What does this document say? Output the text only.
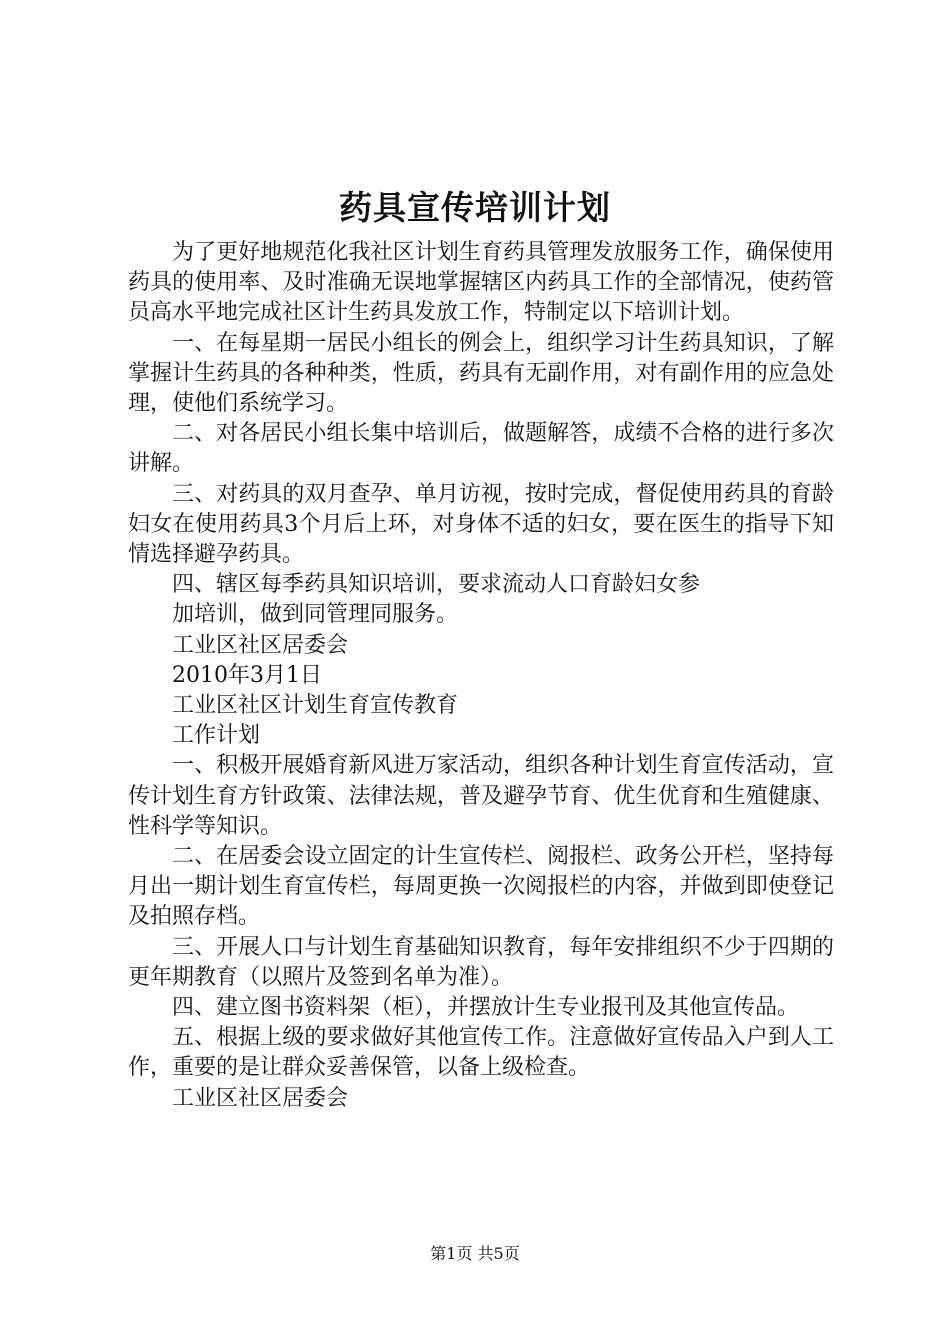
药具宣传培训计划

为了更好地规范化我社区计划生育药具管理发放服务工作，确保使用药具的使用率、及时准确无误地掌握辖区内药具工作的全部情况，使药管员高水平地完成社区计生药具发放工作，特制定以下培训计划。

一、在每星期一居民小组长的例会上，组织学习计生药具知识，了解掌握计生药具的各种种类，性质，药具有无副作用，对有副作用的应急处理，使他们系统学习。

二、对各居民小组长集中培训后，做题解答，成绩不合格的进行多次讲解。

三、对药具的双月查孕、单月访视，按时完成，督促使用药具的育龄妇女在使用药具3个月后上环，对身体不适的妇女，要在医生的指导下知情选择避孕药具。

四、辖区每季药具知识培训，要求流动人口育龄妇女参

加培训，做到同管理同服务。

工业区社区居委会

2010年3月1日

工业区社区计划生育宣传教育

工作计划

一、积极开展婚育新风进万家活动，组织各种计划生育宣传活动，宣传计划生育方针政策、法律法规，普及避孕节育、优生优育和生殖健康、性科学等知识。

二、在居委会设立固定的计生宣传栏、阅报栏、政务公开栏，坚持每月出一期计划生育宣传栏，每周更换一次阅报栏的内容，并做到即使登记及拍照存档。

三、开展人口与计划生育基础知识教育，每年安排组织不少于四期的更年期教育（以照片及签到名单为准）。

四、建立图书资料架（柜），并摆放计生专业报刊及其他宣传品。

五、根据上级的要求做好其他宣传工作。注意做好宣传品入户到人工作，重要的是让群众妥善保管，以备上级检查。

工业区社区居委会

第1页 共5页
